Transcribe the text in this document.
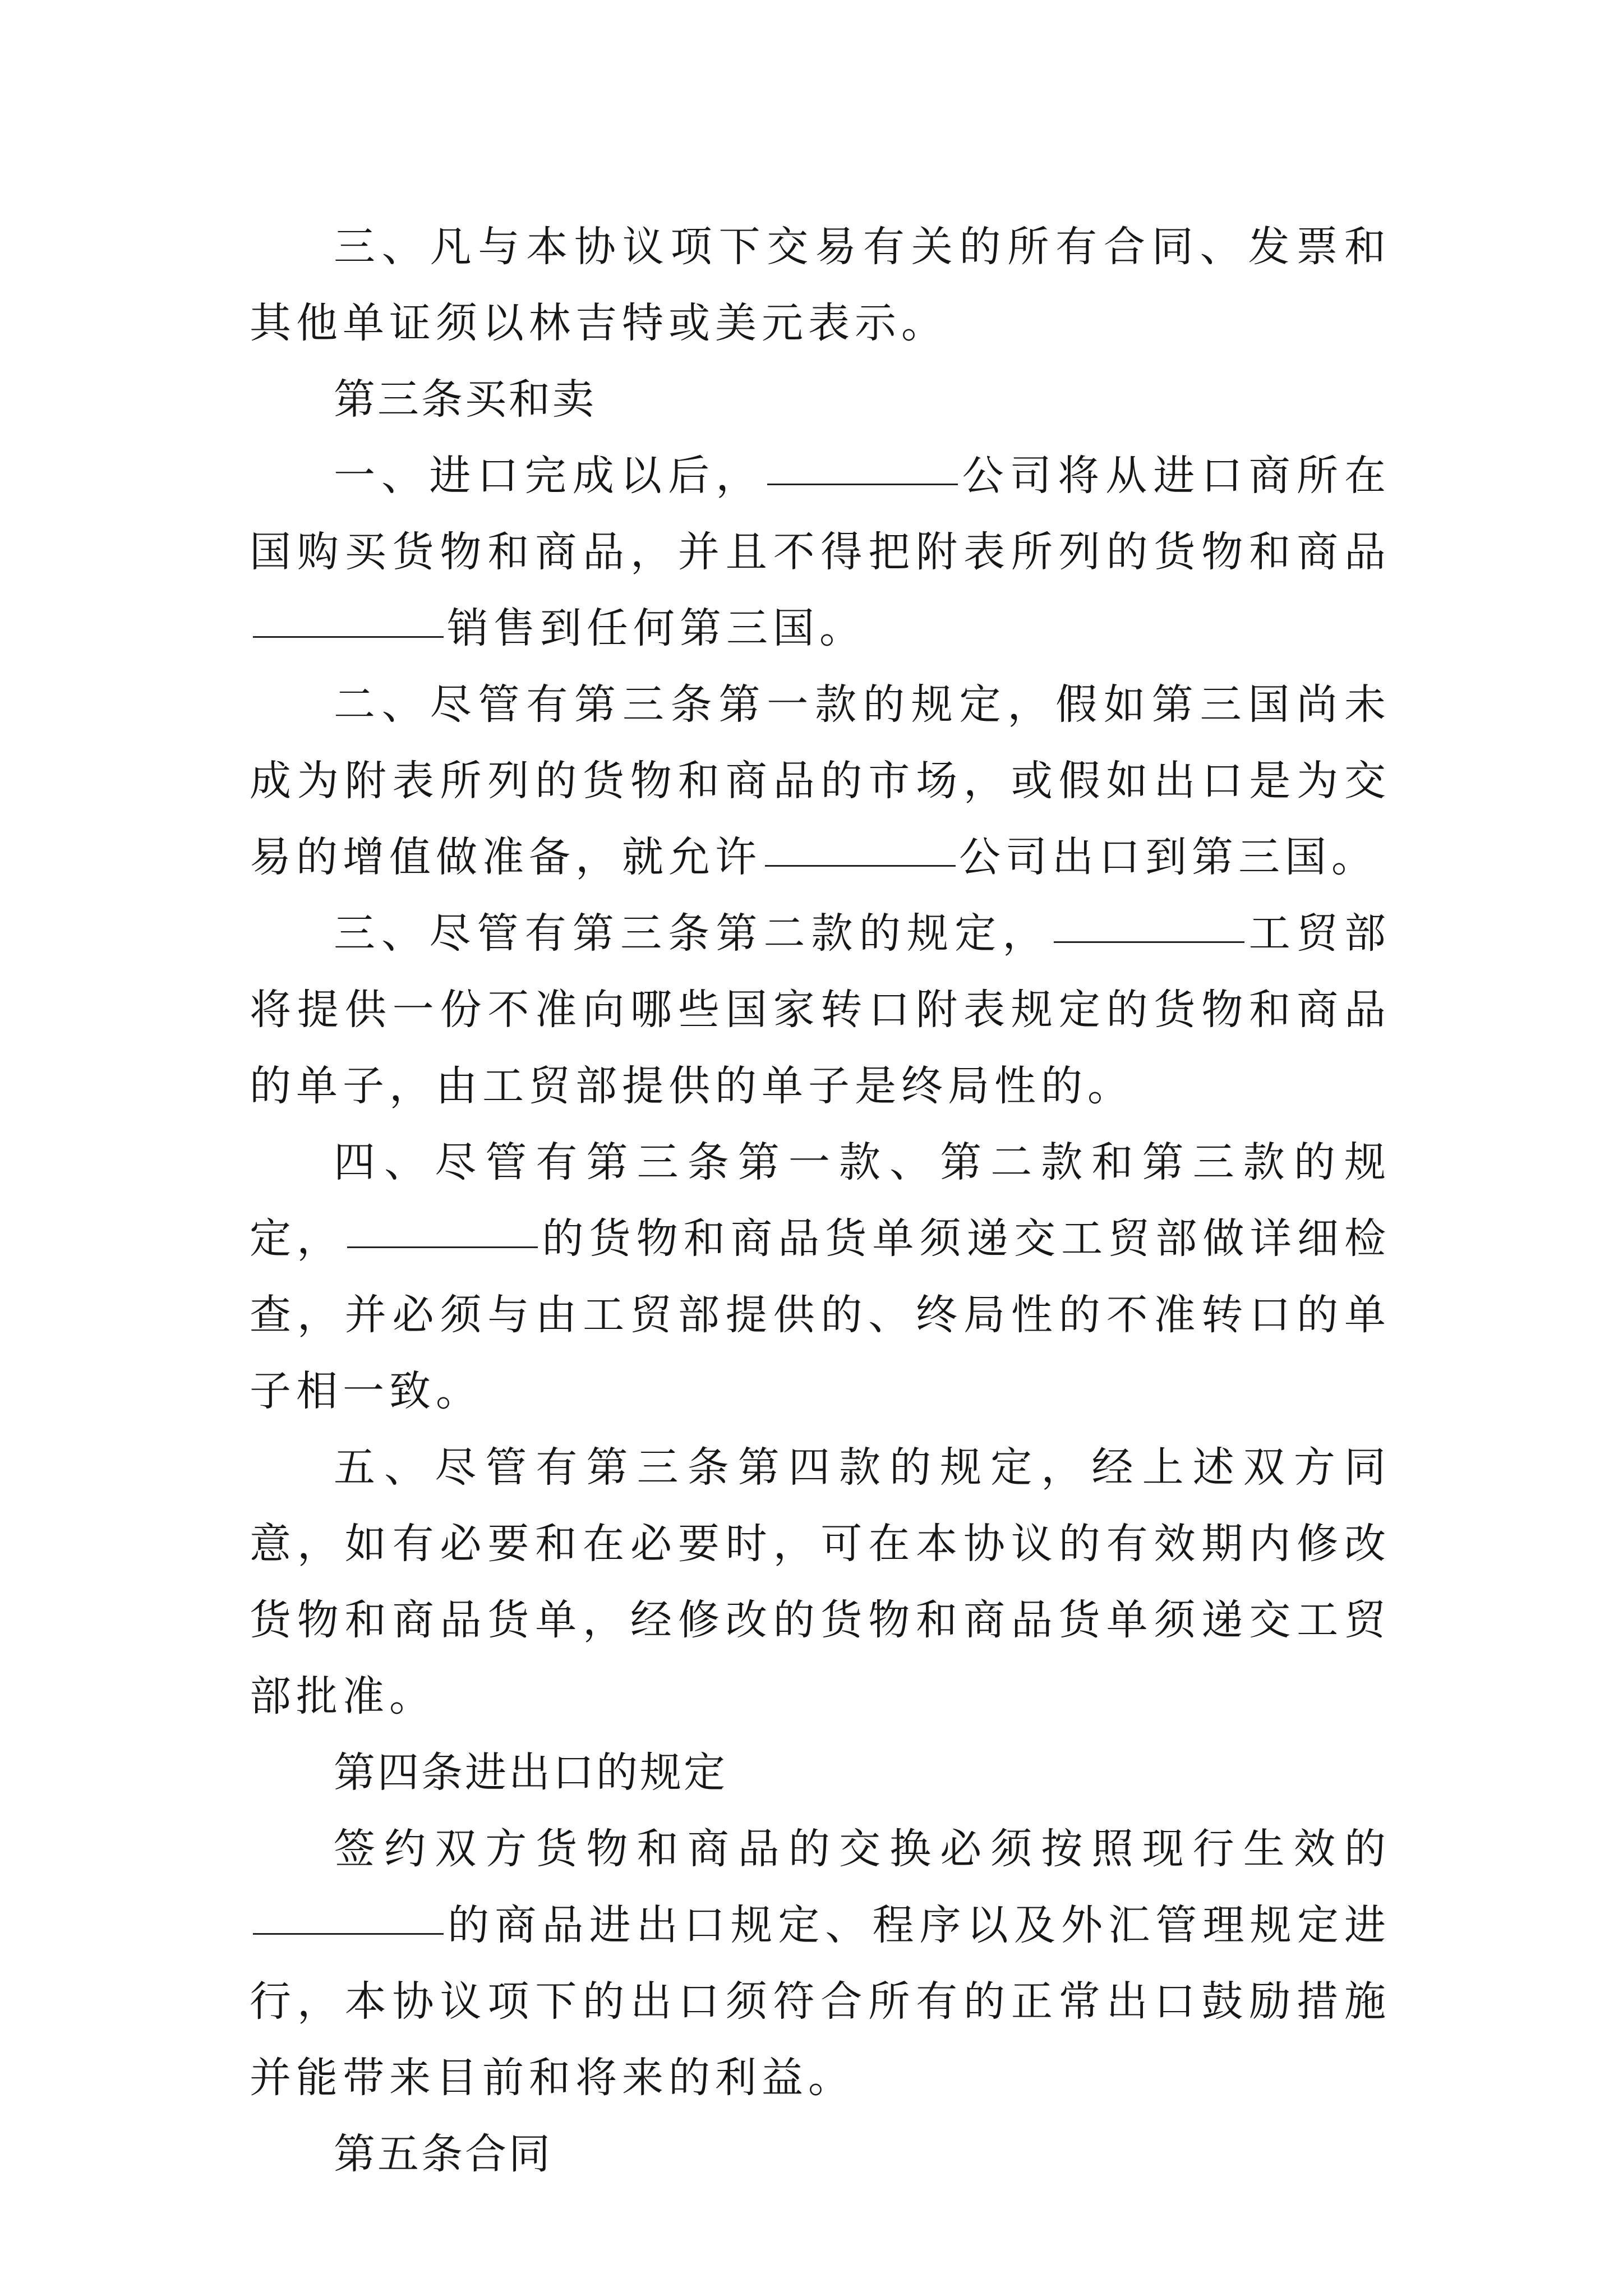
三、凡与本协议项下交易有关的所有合同、发票和其他单证须以林吉特或美元表示。

第三条买和卖

一、进口完成以后，	公司将从进口商所在国购买货物和商品，并且不得把附表所列的货物和商品销售到任何第三国。

二、尽管有第三条第一款的规定，假如第三国尚未成为附表所列的货物和商品的市场，或假如出口是为交易的增值做准备，就允许	公司出口到第三国。

三、尽管有第三条第二款的规定，	工贸部将提供一份不准向哪些国家转口附表规定的货物和商品的单子，由工贸部提供的单子是终局性的。

四、尽管有第三条第一款、第二款和第三款的规定，	的货物和商品货单须递交工贸部做详细检查，并必须与由工贸部提供的、终局性的不准转口的单子相一致。

五、尽管有第三条第四款的规定，经上述双方同意，如有必要和在必要时，可在本协议的有效期内修改货物和商品货单，经修改的货物和商品货单须递交工贸部批准。

第四条进出口的规定

签约双方货物和商品的交换必须按照现行生效的的商品进出口规定、程序以及外汇管理规定进行，本协议项下的出口须符合所有的正常出口鼓励措施并能带来目前和将来的利益。

第五条合同
